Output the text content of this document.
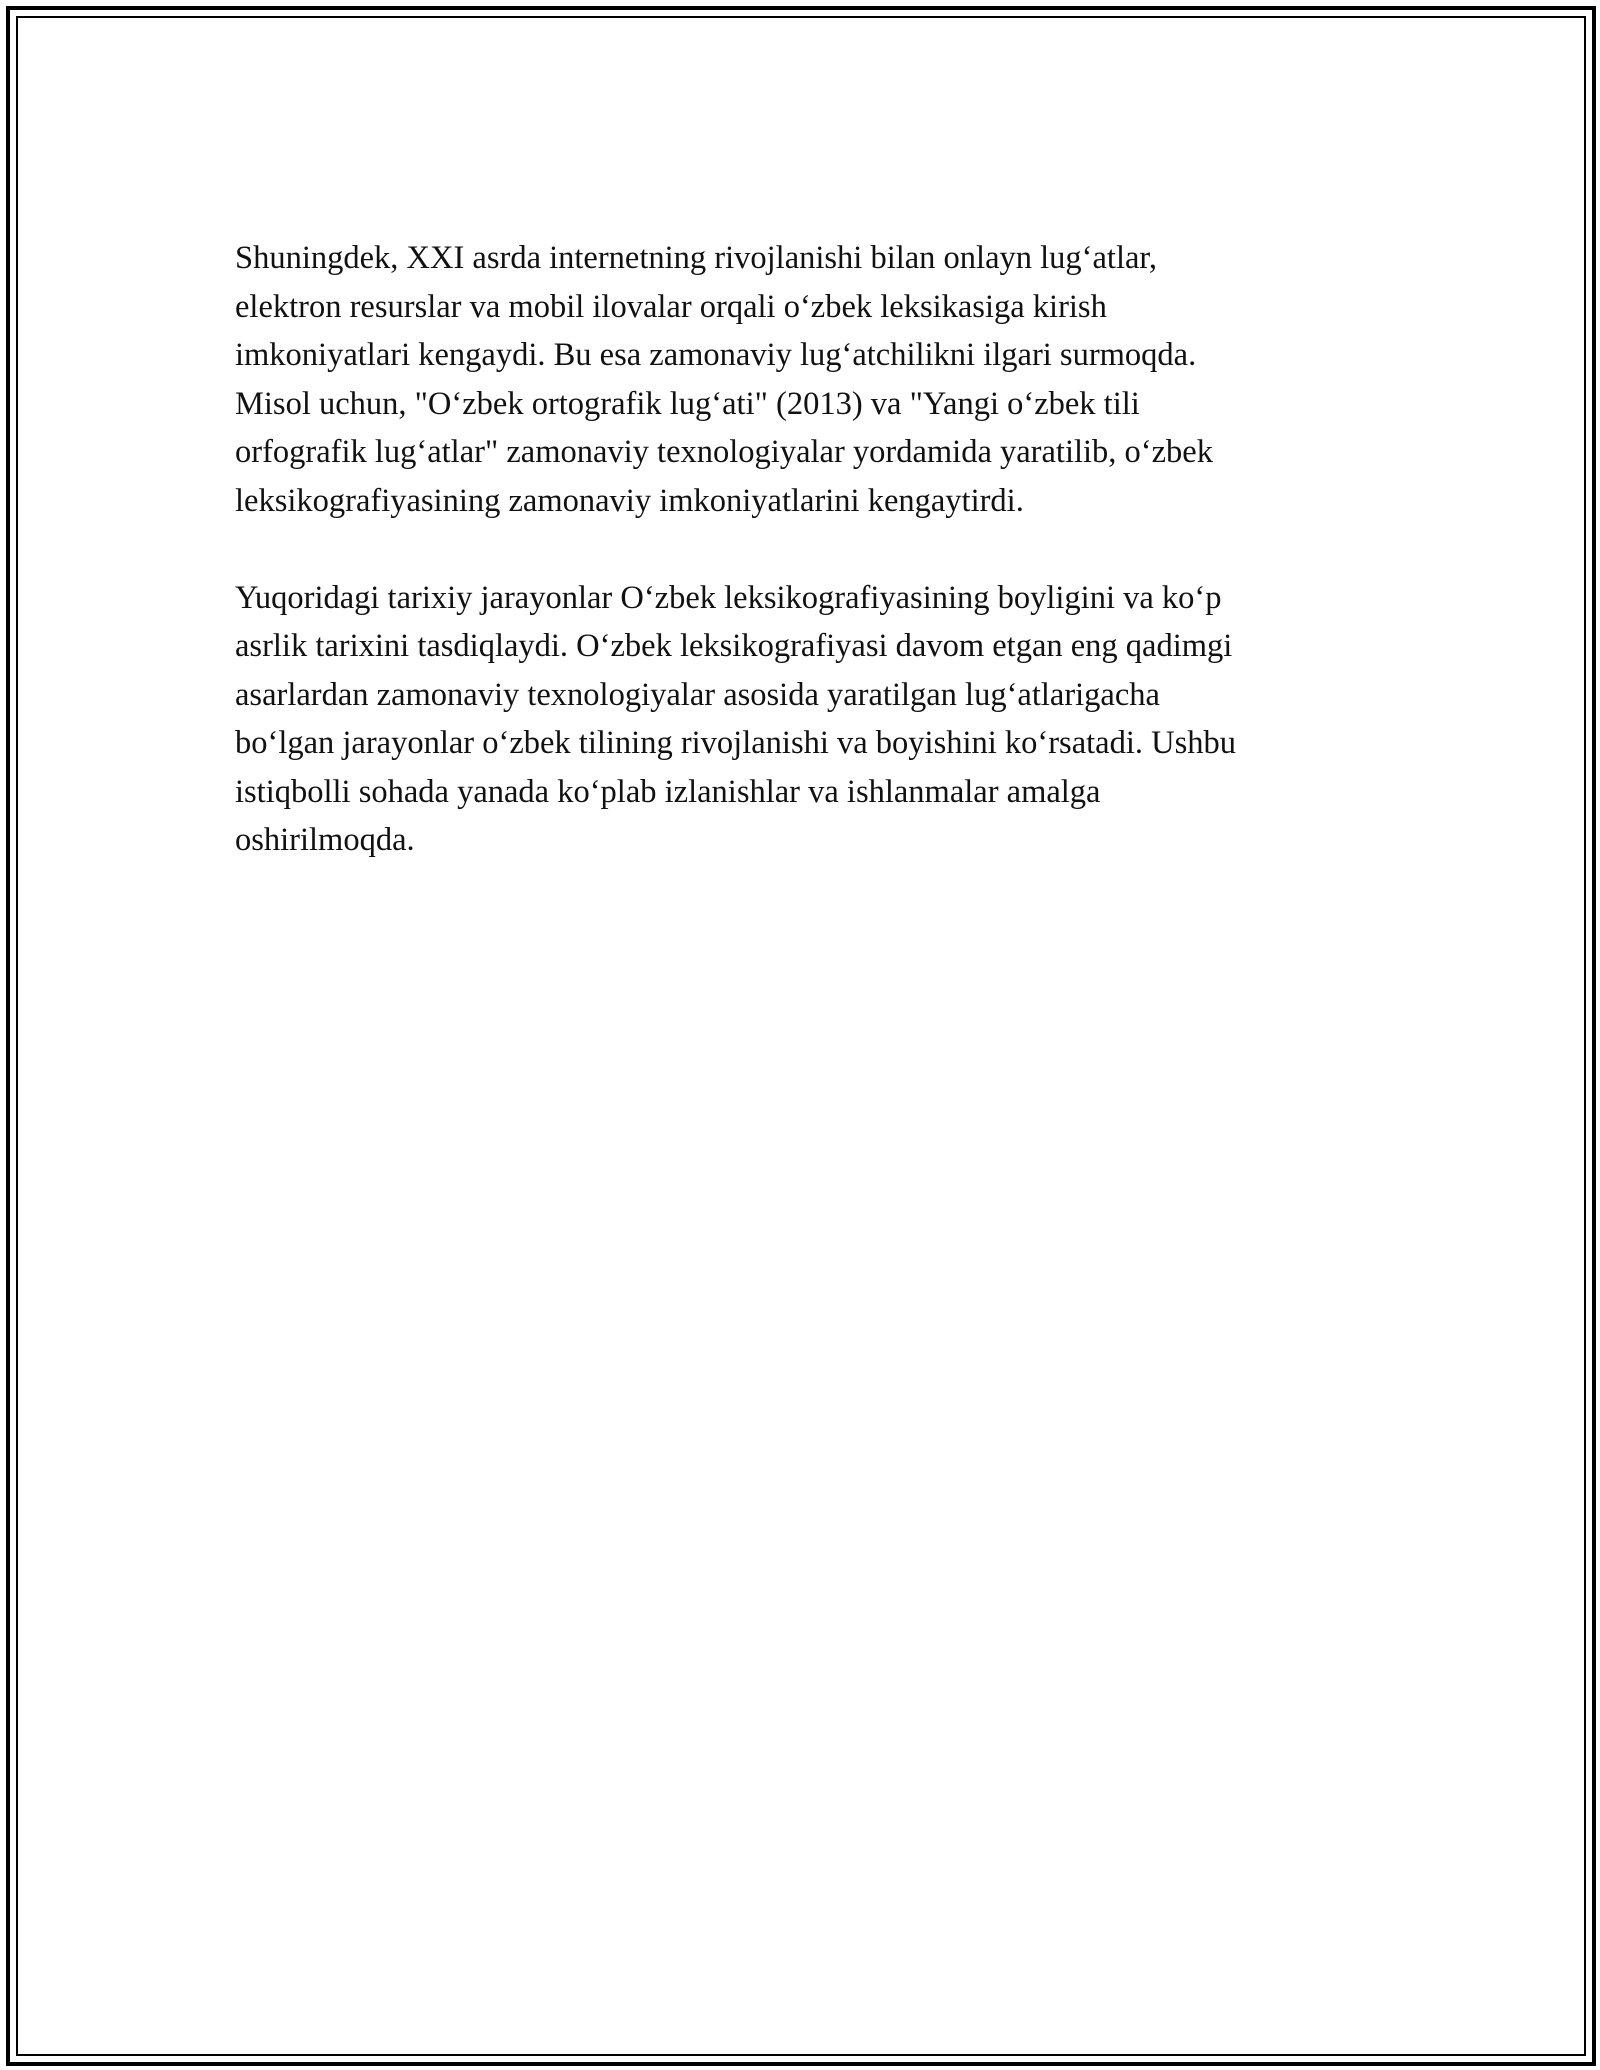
Shuningdek, XXI asrda internetning rivojlanishi bilan onlayn lug‘atlar,
elektron resurslar va mobil ilovalar orqali o‘zbek leksikasiga kirish
imkoniyatlari kengaydi. Bu esa zamonaviy lug‘atchilikni ilgari surmoqda.
Misol uchun, "O‘zbek ortografik lug‘ati" (2013) va "Yangi o‘zbek tili
orfografik lug‘atlar" zamonaviy texnologiyalar yordamida yaratilib, o‘zbek
leksikografiyasining zamonaviy imkoniyatlarini kengaytirdi.

Yuqoridagi tarixiy jarayonlar O‘zbek leksikografiyasining boyligini va ko‘p
asrlik tarixini tasdiqlaydi. O‘zbek leksikografiyasi davom etgan eng qadimgi
asarlardan zamonaviy texnologiyalar asosida yaratilgan lug‘atlarigacha
bo‘lgan jarayonlar o‘zbek tilining rivojlanishi va boyishini ko‘rsatadi. Ushbu
istiqbolli sohada yanada ko‘plab izlanishlar va ishlanmalar amalga
oshirilmoqda.
